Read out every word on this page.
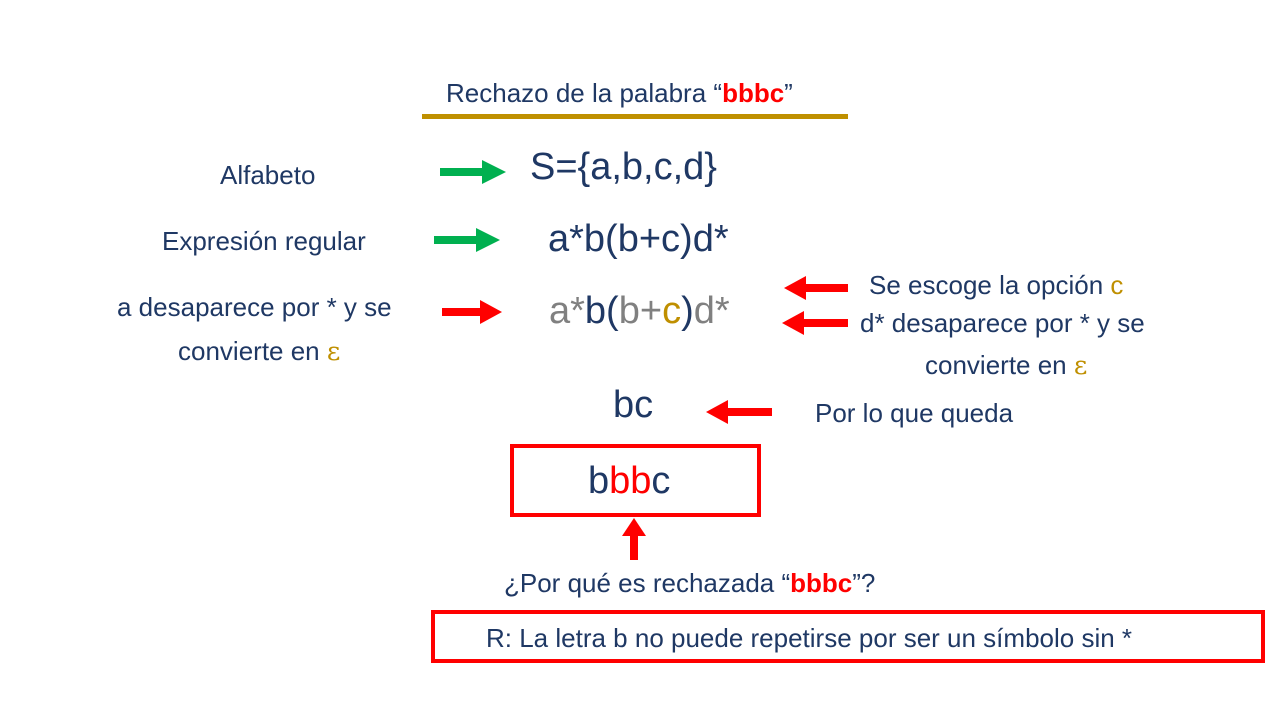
Rechazo de la palabra “bbbc”
Alfabeto	S={a,b,c,d}
Expresión regular	a*b(b+c)d*
a desaparece por * y se
convierte en ε
a*b(b+c)d*
Se escoge la opción c
d* desaparece por * y se
convierte en ε
bc	Por lo que queda
bbbc
¿Por qué es rechazada “bbbc”?
R: La letra b no puede repetirse por ser un símbolo sin *
